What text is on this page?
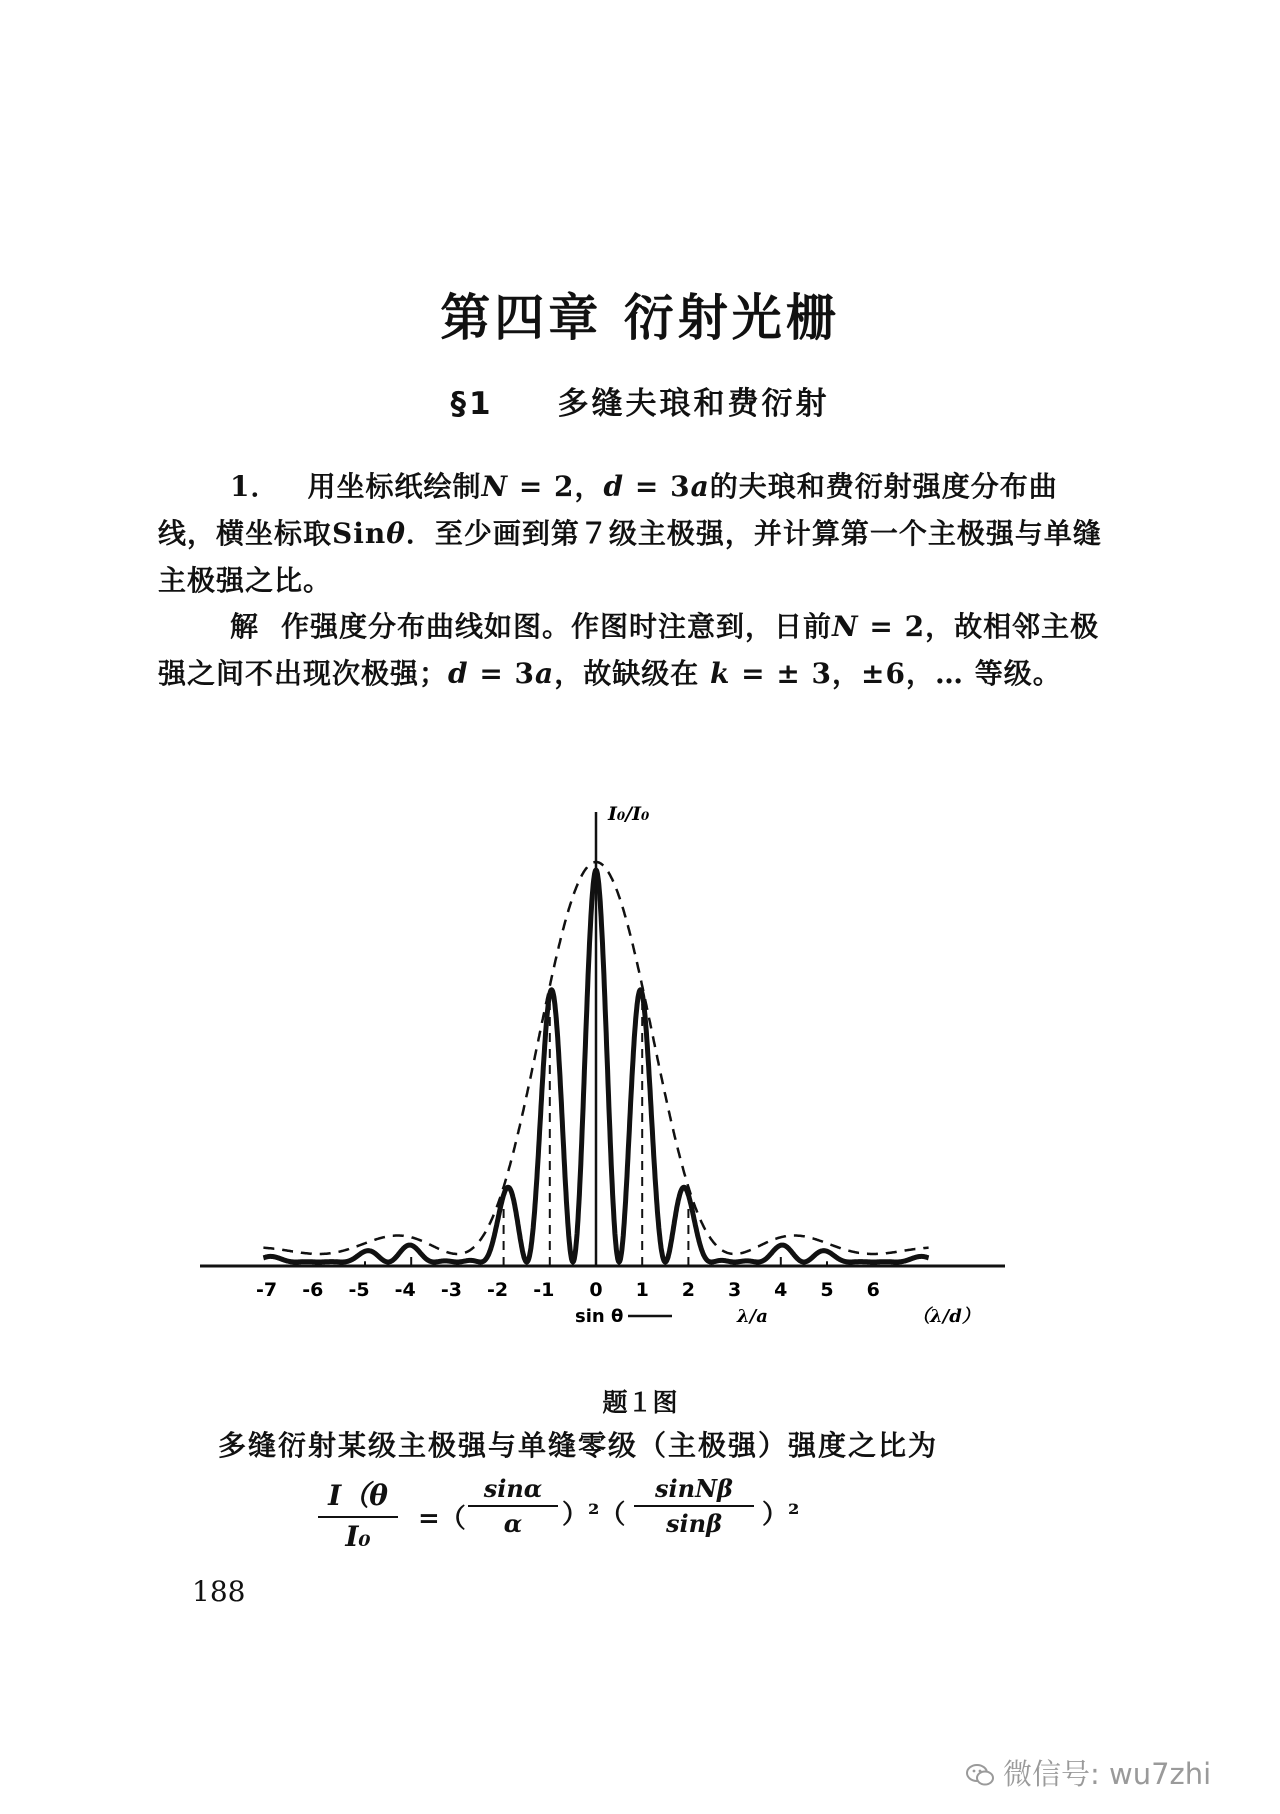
第四章 衍射光栅
§1 多缝夫琅和费衍射
1． 用坐标纸绘制N = 2，d = 3a的夫琅和费衍射强度分布曲线，横坐标取Sinθ．至少画到第７级主极强，并计算第一个主极强与单缝主极强之比。
解 作强度分布曲线如图。作图时注意到，日前N = 2，故相邻主极强之间不出现次极强；d = 3a，故缺级在 k = ± 3，±6，… 等级。
I₀/I₀
-7 -6 -5 -4 -3 -2 -1 0 1 2 3 4 5 6
sin θ	λ/a	（λ/d）
题１图
多缝衍射某级主极强与单缝零级（主极强）强度之比为
I（θ
I₀
=（
sinα
α	）²（
sinNβ
sinβ	）²
188
微信号: wu7zhi
